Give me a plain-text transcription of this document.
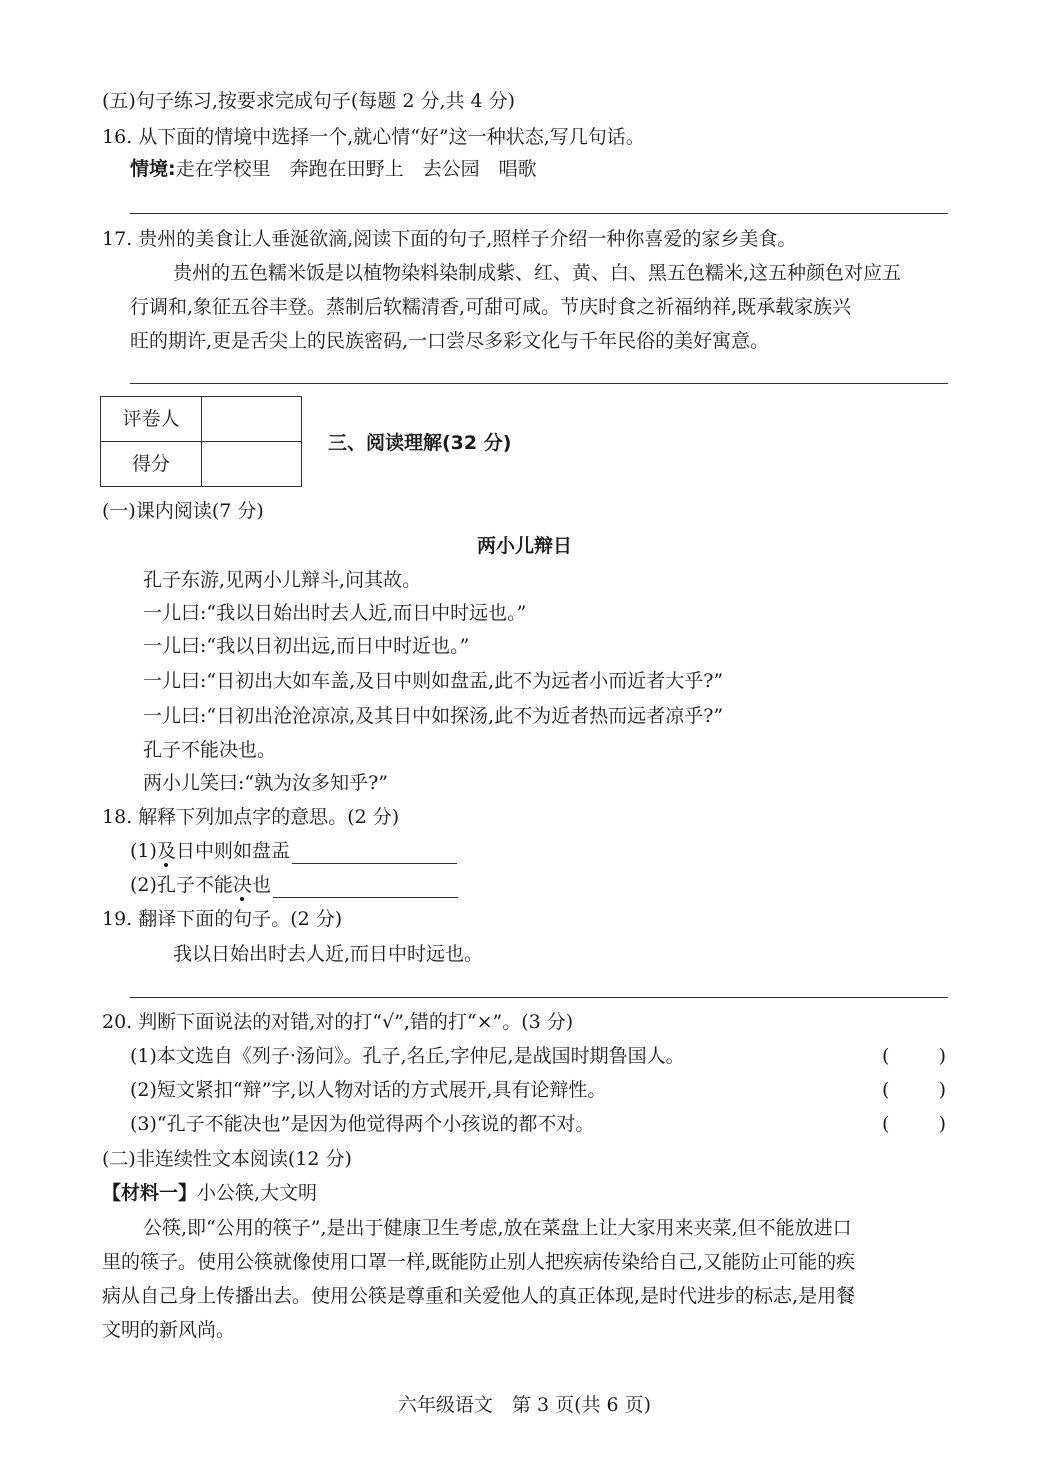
(五)句子练习,按要求完成句子(每题 2 分,共 4 分)
16. 从下面的情境中选择一个,就心情“好”这一种状态,写几句话。
情境:走在学校里　奔跑在田野上　去公园　唱歌
17. 贵州的美食让人垂涎欲滴,阅读下面的句子,照样子介绍一种你喜爱的家乡美食。
贵州的五色糯米饭是以植物染料染制成紫、红、黄、白、黑五色糯米,这五种颜色对应五
行调和,象征五谷丰登。蒸制后软糯清香,可甜可咸。节庆时食之祈福纳祥,既承载家族兴
旺的期许,更是舌尖上的民族密码,一口尝尽多彩文化与千年民俗的美好寓意。
评卷人
得分
三、阅读理解(32 分)
(一)课内阅读(7 分)
两小儿辩日
孔子东游,见两小儿辩斗,问其故。
一儿曰:“我以日始出时去人近,而日中时远也。”
一儿曰:“我以日初出远,而日中时近也。”
一儿曰:“日初出大如车盖,及日中则如盘盂,此不为远者小而近者大乎?”
一儿曰:“日初出沧沧凉凉,及其日中如探汤,此不为近者热而远者凉乎?”
孔子不能决也。
两小儿笑曰:“孰为汝多知乎?”
18. 解释下列加点字的意思。(2 分)
(1)及日中则如盘盂
(2)孔子不能决也
19. 翻译下面的句子。(2 分)
我以日始出时去人近,而日中时远也。
20. 判断下面说法的对错,对的打“√”,错的打“×”。(3 分)
(1)本文选自《列子·汤问》。孔子,名丘,字仲尼,是战国时期鲁国人。	(	)
(2)短文紧扣“辩”字,以人物对话的方式展开,具有论辩性。	(	)
(3)“孔子不能决也”是因为他觉得两个小孩说的都不对。	(	)
(二)非连续性文本阅读(12 分)
【材料一】小公筷,大文明
公筷,即“公用的筷子”,是出于健康卫生考虑,放在菜盘上让大家用来夹菜,但不能放进口
里的筷子。使用公筷就像使用口罩一样,既能防止别人把疾病传染给自己,又能防止可能的疾
病从自己身上传播出去。使用公筷是尊重和关爱他人的真正体现,是时代进步的标志,是用餐
文明的新风尚。
六年级语文　第 3 页(共 6 页)
